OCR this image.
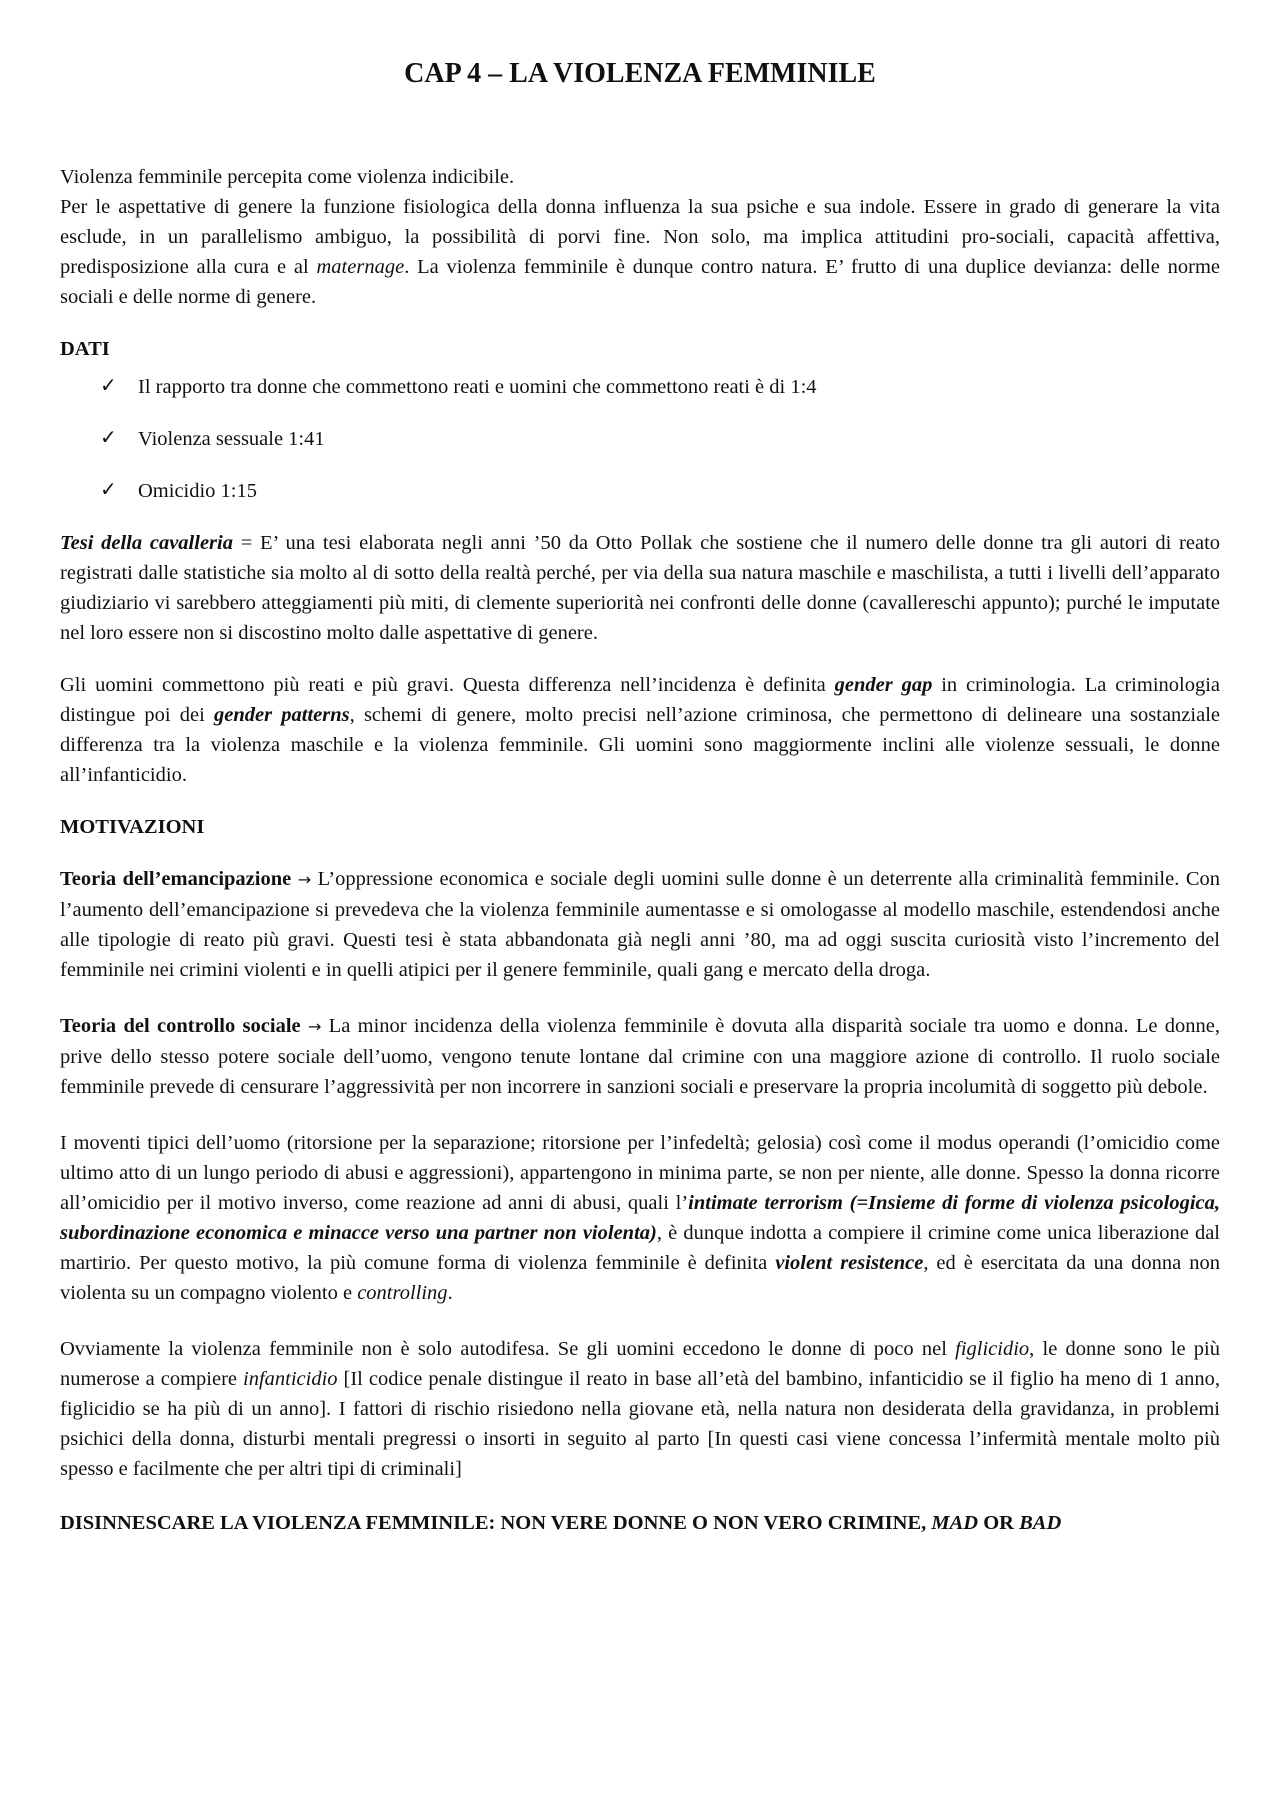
CAP 4 – LA VIOLENZA FEMMINILE

Violenza femminile percepita come violenza indicibile.

Per le aspettative di genere la funzione fisiologica della donna influenza la sua psiche e sua indole. Essere in grado di generare la vita esclude, in un parallelismo ambiguo, la possibilità di porvi fine. Non solo, ma implica attitudini pro-sociali, capacità affettiva, predisposizione alla cura e al maternage. La violenza femminile è dunque contro natura. E’ frutto di una duplice devianza: delle norme sociali e delle norme di genere.

DATI

✓ Il rapporto tra donne che commettono reati e uomini che commettono reati è di 1:4
✓ Violenza sessuale 1:41
✓ Omicidio 1:15

Tesi della cavalleria = E’ una tesi elaborata negli anni ’50 da Otto Pollak che sostiene che il numero delle donne tra gli autori di reato registrati dalle statistiche sia molto al di sotto della realtà perché, per via della sua natura maschile e maschilista, a tutti i livelli dell’apparato giudiziario vi sarebbero atteggiamenti più miti, di clemente superiorità nei confronti delle donne (cavallereschi appunto); purché le imputate nel loro essere non si discostino molto dalle aspettative di genere.

Gli uomini commettono più reati e più gravi. Questa differenza nell’incidenza è definita gender gap in criminologia. La criminologia distingue poi dei gender patterns, schemi di genere, molto precisi nell’azione criminosa, che permettono di delineare una sostanziale differenza tra la violenza maschile e la violenza femminile. Gli uomini sono maggiormente inclini alle violenze sessuali, le donne all’infanticidio.

MOTIVAZIONI

Teoria dell’emancipazione → L’oppressione economica e sociale degli uomini sulle donne è un deterrente alla criminalità femminile. Con l’aumento dell’emancipazione si prevedeva che la violenza femminile aumentasse e si omologasse al modello maschile, estendendosi anche alle tipologie di reato più gravi. Questi tesi è stata abbandonata già negli anni ’80, ma ad oggi suscita curiosità visto l’incremento del femminile nei crimini violenti e in quelli atipici per il genere femminile, quali gang e mercato della droga.

Teoria del controllo sociale → La minor incidenza della violenza femminile è dovuta alla disparità sociale tra uomo e donna. Le donne, prive dello stesso potere sociale dell’uomo, vengono tenute lontane dal crimine con una maggiore azione di controllo. Il ruolo sociale femminile prevede di censurare l’aggressività per non incorrere in sanzioni sociali e preservare la propria incolumità di soggetto più debole.

I moventi tipici dell’uomo (ritorsione per la separazione; ritorsione per l’infedeltà; gelosia) così come il modus operandi (l’omicidio come ultimo atto di un lungo periodo di abusi e aggressioni), appartengono in minima parte, se non per niente, alle donne. Spesso la donna ricorre all’omicidio per il motivo inverso, come reazione ad anni di abusi, quali l’intimate terrorism (=Insieme di forme di violenza psicologica, subordinazione economica e minacce verso una partner non violenta), è dunque indotta a compiere il crimine come unica liberazione dal martirio. Per questo motivo, la più comune forma di violenza femminile è definita violent resistence, ed è esercitata da una donna non violenta su un compagno violento e controlling.

Ovviamente la violenza femminile non è solo autodifesa. Se gli uomini eccedono le donne di poco nel figlicidio, le donne sono le più numerose a compiere infanticidio [Il codice penale distingue il reato in base all’età del bambino, infanticidio se il figlio ha meno di 1 anno, figlicidio se ha più di un anno]. I fattori di rischio risiedono nella giovane età, nella natura non desiderata della gravidanza, in problemi psichici della donna, disturbi mentali pregressi o insorti in seguito al parto [In questi casi viene concessa l’infermità mentale molto più spesso e facilmente che per altri tipi di criminali]

DISINNESCARE LA VIOLENZA FEMMINILE: NON VERE DONNE O NON VERO CRIMINE, MAD OR BAD
